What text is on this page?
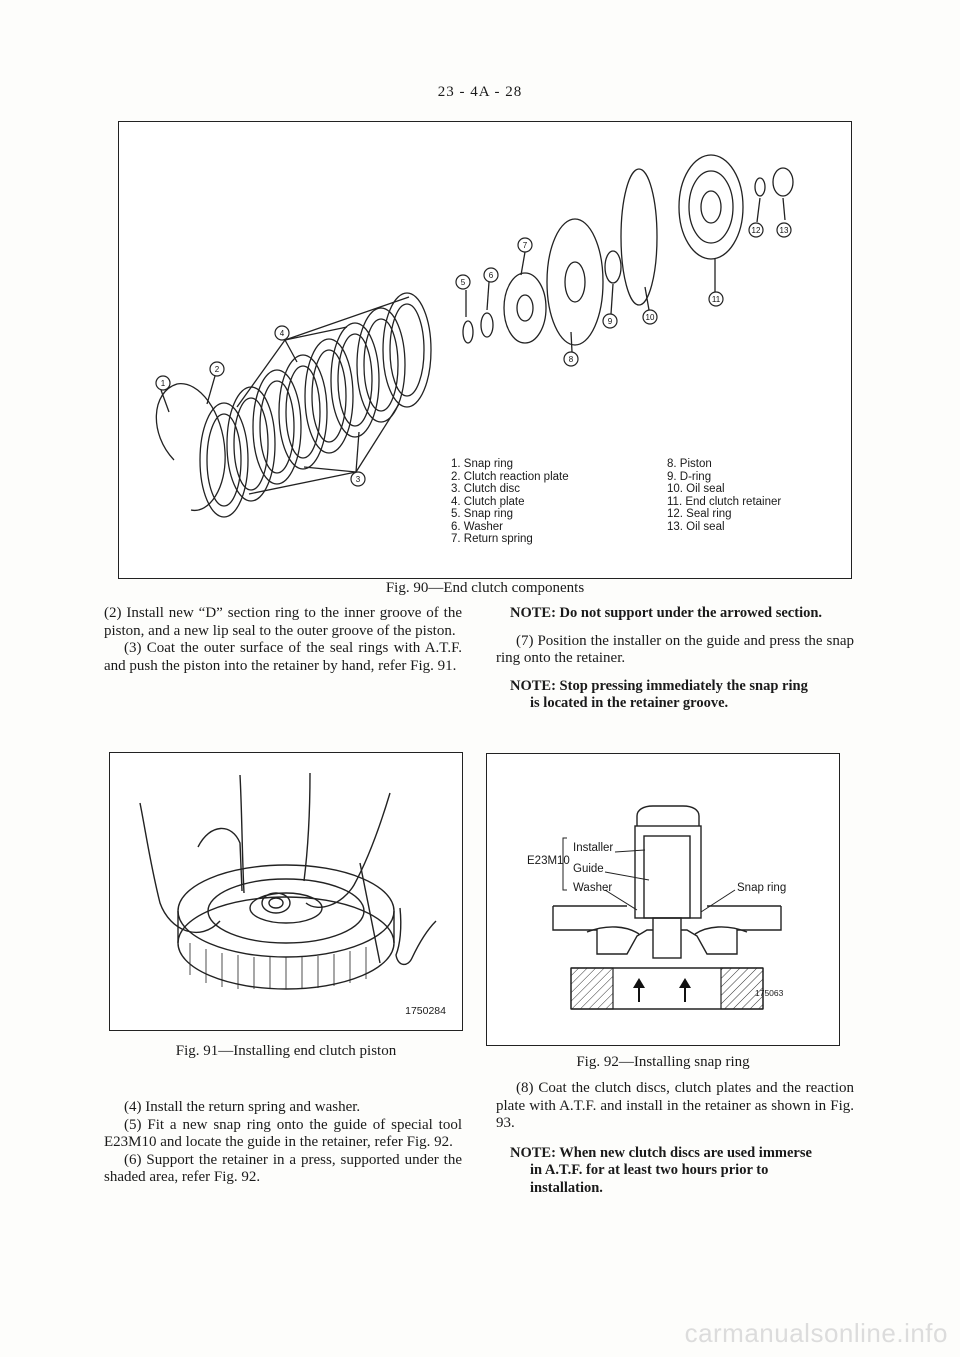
23 - 4A - 28
1
2
3
4
5
6
7
8
9	10
11
12 13
1. Snap ring
2. Clutch reaction plate
3. Clutch disc
4. Clutch plate
5. Snap ring
6. Washer
7. Return spring
8. Piston
9. D-ring
10. Oil seal
11. End clutch retainer
12. Seal ring
13. Oil seal
Fig. 90—End clutch components

(2) Install new “D” section ring to the inner groove of the piston, and a new lip seal to the outer groove of the piston.

(3) Coat the outer surface of the seal rings with A.T.F. and push the piston into the retainer by hand, refer Fig. 91.

NOTE: Do not support under the arrowed section.

(7) Position the installer on the guide and press the snap ring onto the retainer.

NOTE: Stop pressing immediately the snap ring
is located in the retainer groove.
1750284
Fig. 91—Installing end clutch piston
E23M10
Installer
Guide
Washer	Snap ring
175063
Fig. 92—Installing snap ring

(4) Install the return spring and washer.

(5) Fit a new snap ring onto the guide of special tool E23M10 and locate the guide in the retainer, refer Fig. 92.

(6) Support the retainer in a press, supported under the shaded area, refer Fig. 92.

(8) Coat the clutch discs, clutch plates and the reaction plate with A.T.F. and install in the retainer as shown in Fig. 93.

NOTE: When new clutch discs are used immerse
in A.T.F. for at least two hours prior to
installation.
carmanualsonline.info
